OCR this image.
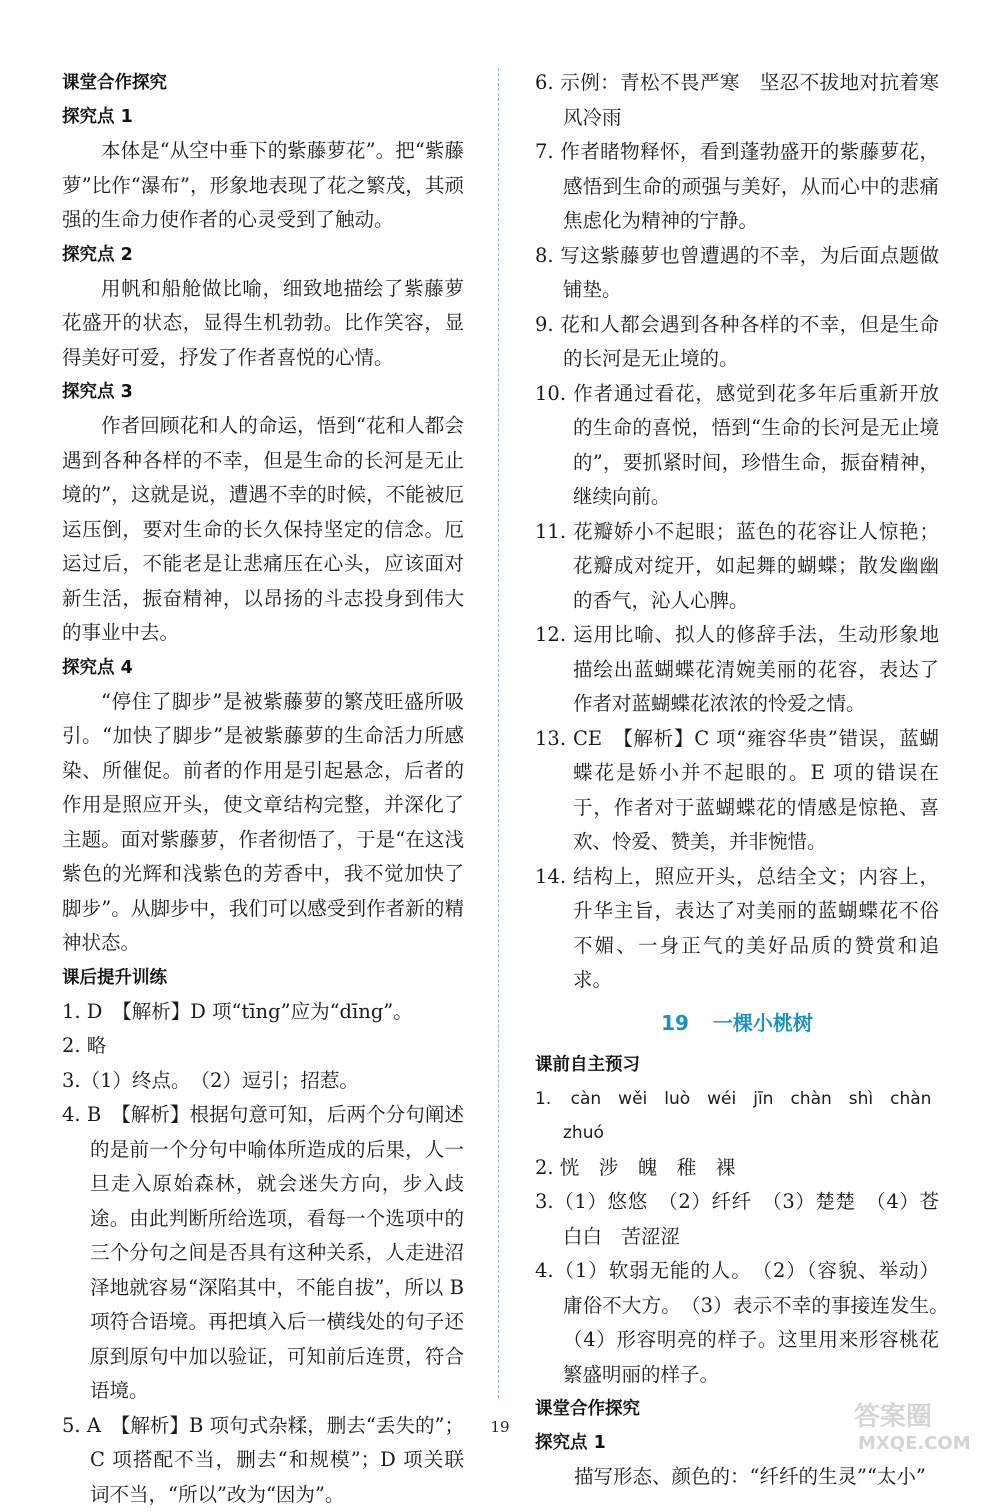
课堂合作探究
探究点 1
本体是“从空中垂下的紫藤萝花”。把“紫藤萝”比作“瀑布”，形象地表现了花之繁茂，其顽强的生命力使作者的心灵受到了触动。
探究点 2
用帆和船舱做比喻，细致地描绘了紫藤萝花盛开的状态，显得生机勃勃。比作笑容，显得美好可爱，抒发了作者喜悦的心情。
探究点 3
作者回顾花和人的命运，悟到“花和人都会遇到各种各样的不幸，但是生命的长河是无止境的”，这就是说，遭遇不幸的时候，不能被厄运压倒，要对生命的长久保持坚定的信念。厄运过后，不能老是让悲痛压在心头，应该面对新生活，振奋精神，以昂扬的斗志投身到伟大的事业中去。
探究点 4
“停住了脚步”是被紫藤萝的繁茂旺盛所吸引。“加快了脚步”是被紫藤萝的生命活力所感染、所催促。前者的作用是引起悬念，后者的作用是照应开头，使文章结构完整，并深化了主题。面对紫藤萝，作者彻悟了，于是“在这浅紫色的光辉和浅紫色的芳香中，我不觉加快了脚步”。从脚步中，我们可以感受到作者新的精神状态。
课后提升训练
1. D　【解析】D 项“tīng”应为“dīng”。
2. 略
3.（1）终点。　（2）逗引；招惹。
4. B　【解析】根据句意可知，后两个分句阐述的是前一个分句中喻体所造成的后果，人一旦走入原始森林，就会迷失方向，步入歧途。由此判断所给选项，看每一个选项中的三个分句之间是否具有这种关系，人走进沼泽地就容易“深陷其中，不能自拔”，所以 B 项符合语境。再把填入后一横线处的句子还原到原句中加以验证，可知前后连贯，符合语境。
5. A　【解析】B 项句式杂糅，删去“丢失的”；C 项搭配不当，删去“和规模”；D 项关联词不当，“所以”改为“因为”。
6. 示例：青松不畏严寒　坚忍不拔地对抗着寒风冷雨
7. 作者睹物释怀，看到蓬勃盛开的紫藤萝花，感悟到生命的顽强与美好，从而心中的悲痛焦虑化为精神的宁静。
8. 写这紫藤萝也曾遭遇的不幸，为后面点题做铺垫。
9. 花和人都会遇到各种各样的不幸，但是生命的长河是无止境的。
10. 作者通过看花，感觉到花多年后重新开放的生命的喜悦，悟到“生命的长河是无止境的”，要抓紧时间，珍惜生命，振奋精神，继续向前。
11. 花瓣娇小不起眼；蓝色的花容让人惊艳；花瓣成对绽开，如起舞的蝴蝶；散发幽幽的香气，沁人心脾。
12. 运用比喻、拟人的修辞手法，生动形象地描绘出蓝蝴蝶花清婉美丽的花容，表达了作者对蓝蝴蝶花浓浓的怜爱之情。
13. CE　【解析】C 项“雍容华贵”错误，蓝蝴蝶花是娇小并不起眼的。E 项的错误在于，作者对于蓝蝴蝶花的情感是惊艳、喜欢、怜爱、赞美，并非惋惜。
14. 结构上，照应开头，总结全文；内容上，升华主旨，表达了对美丽的蓝蝴蝶花不俗不媚、一身正气的美好品质的赞赏和追求。
19 一棵小桃树
课前自主预习
1. càn　wěi　luò　wéi　jīn　chàn　shì　chàn　zhuó
2. 恍　涉　魄　稚　裸
3.（1）悠悠　（2）纤纤　（3）楚楚　（4）苍白白　苦涩涩
4.（1）软弱无能的人。　（2）（容貌、举动）庸俗不大方。　（3）表示不幸的事接连发生。　（4）形容明亮的样子。这里用来形容桃花繁盛明丽的样子。
课堂合作探究
探究点 1
描写形态、颜色的：“纤纤的生灵”“太小”
19	答案圈
MXQE.COM
